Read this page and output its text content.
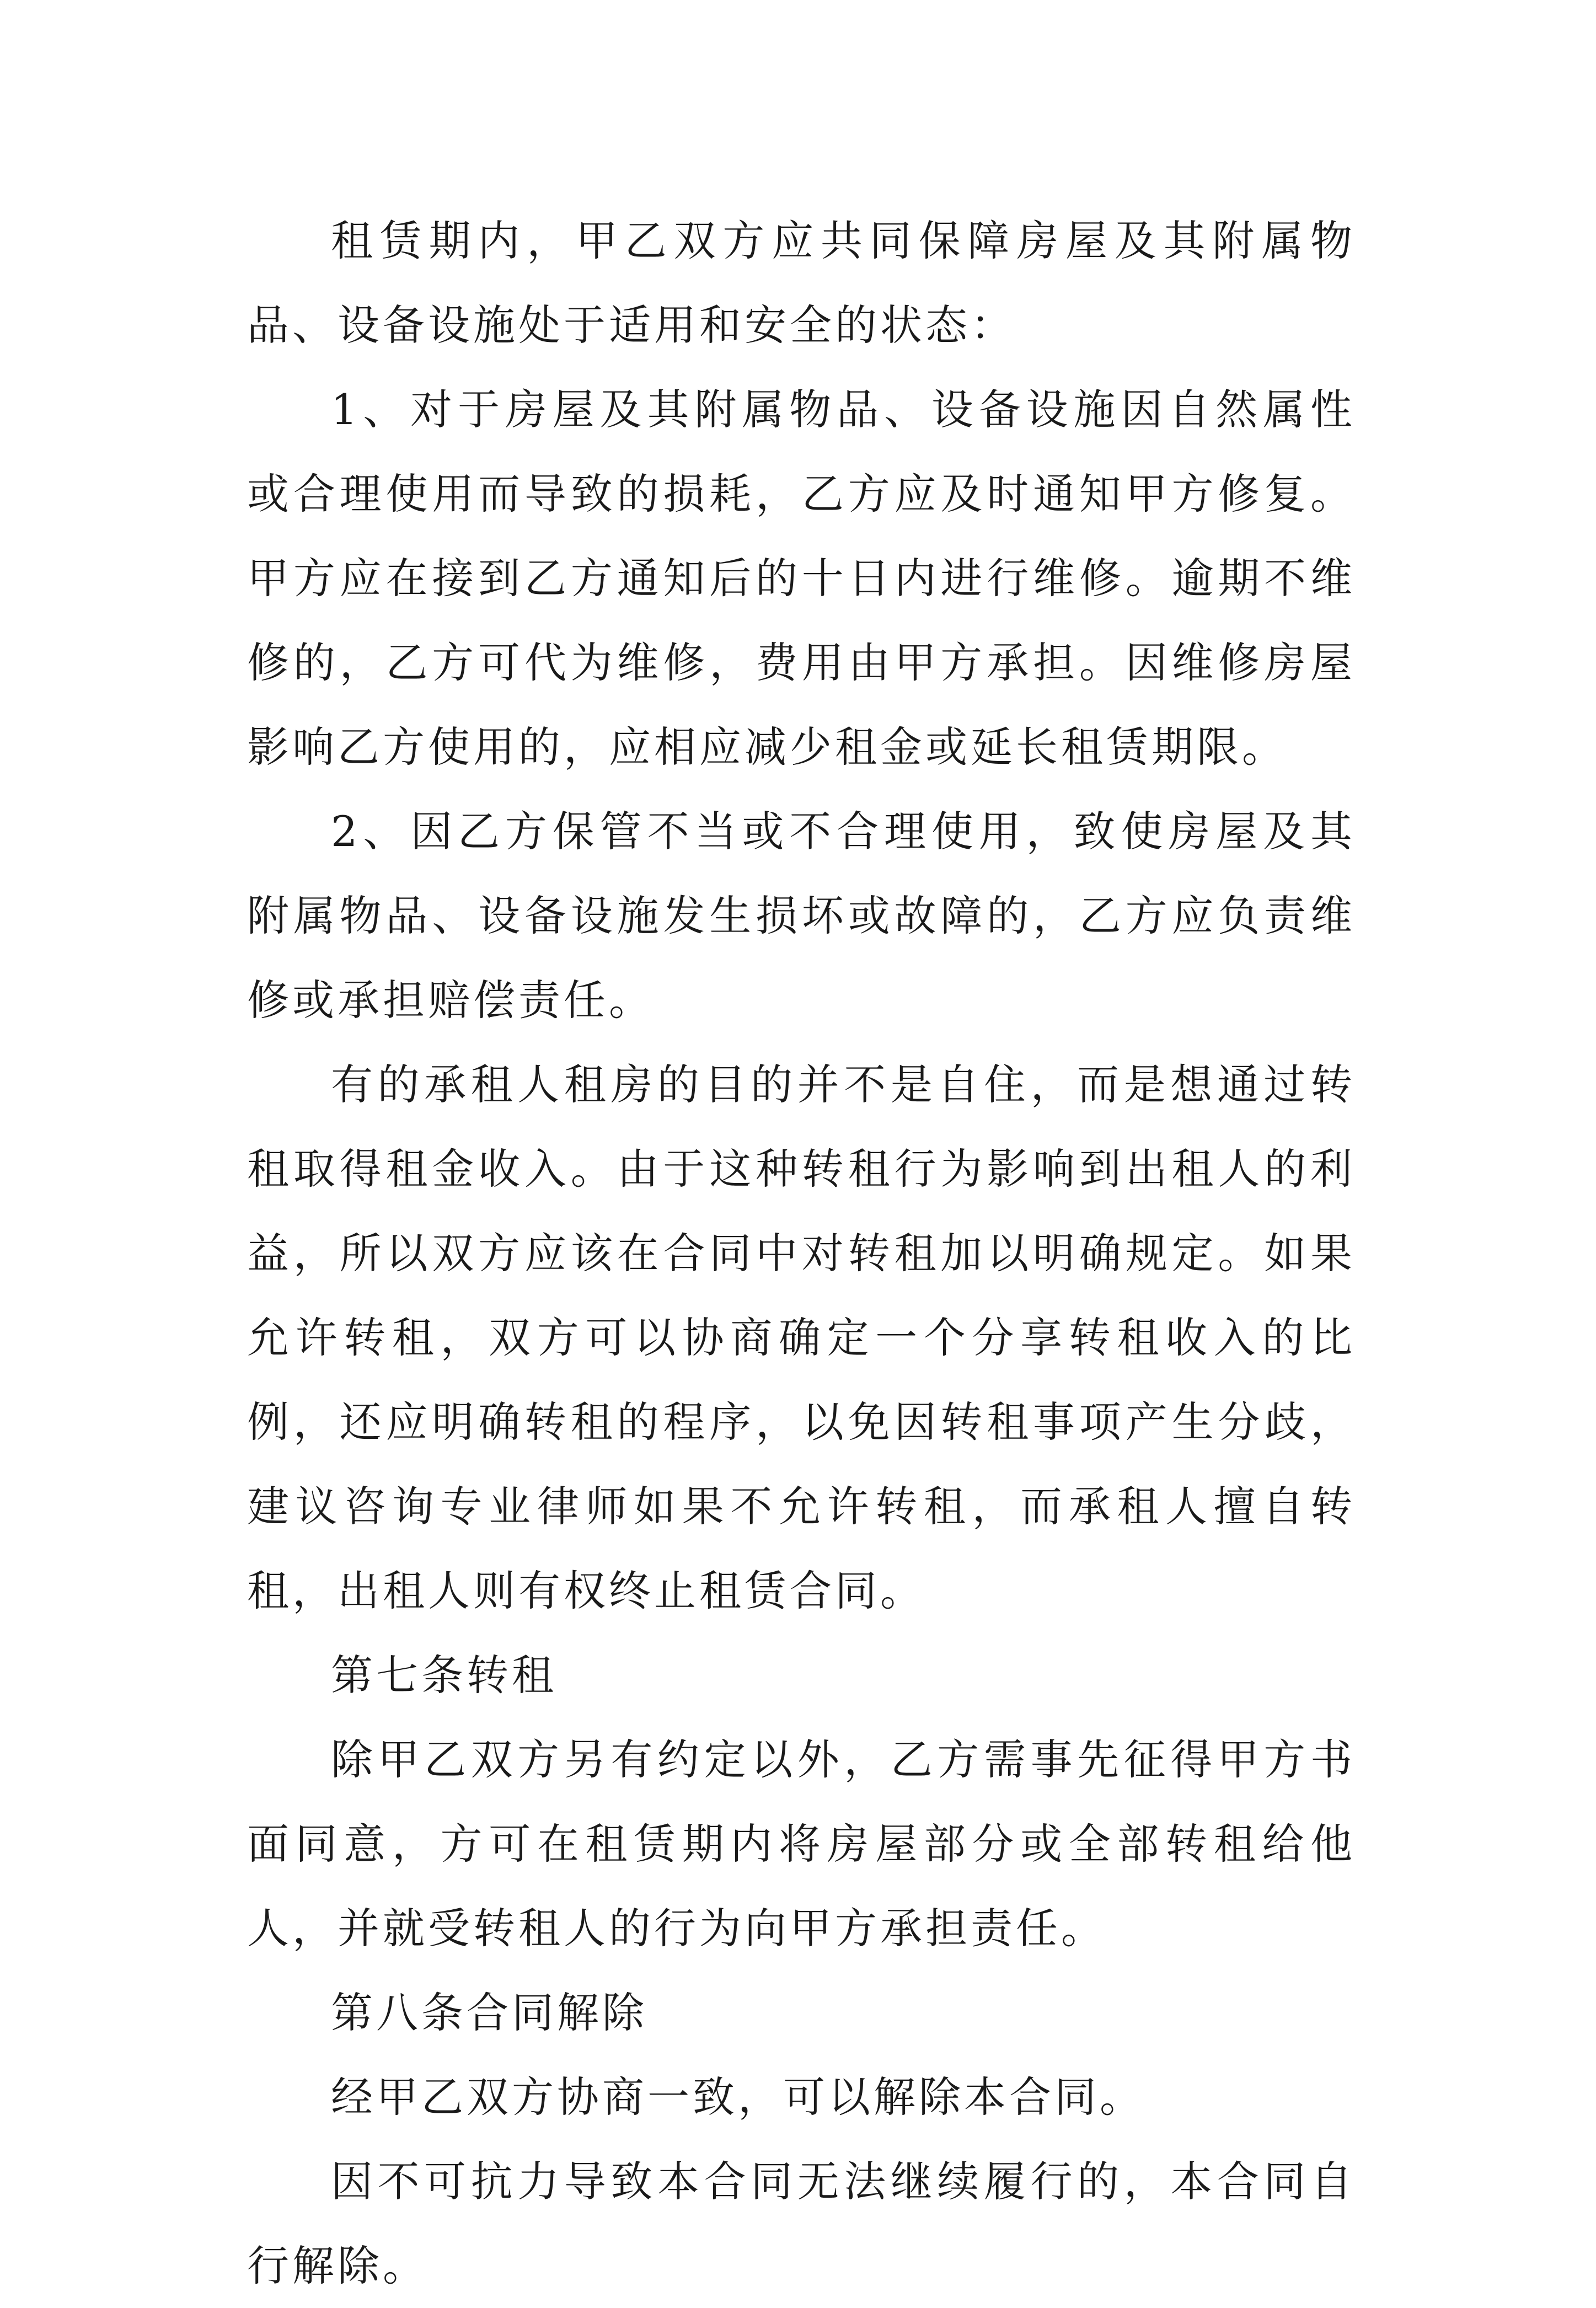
租赁期内，甲乙双方应共同保障房屋及其附属物品、设备设施处于适用和安全的状态：

1、对于房屋及其附属物品、设备设施因自然属性或合理使用而导致的损耗，乙方应及时通知甲方修复。甲方应在接到乙方通知后的十日内进行维修。逾期不维修的，乙方可代为维修，费用由甲方承担。因维修房屋影响乙方使用的，应相应减少租金或延长租赁期限。

2、因乙方保管不当或不合理使用，致使房屋及其附属物品、设备设施发生损坏或故障的，乙方应负责维修或承担赔偿责任。

有的承租人租房的目的并不是自住，而是想通过转租取得租金收入。由于这种转租行为影响到出租人的利益，所以双方应该在合同中对转租加以明确规定。如果允许转租，双方可以协商确定一个分享转租收入的比例，还应明确转租的程序，以免因转租事项产生分歧，建议咨询专业律师如果不允许转租，而承租人擅自转租，出租人则有权终止租赁合同。

第七条转租

除甲乙双方另有约定以外，乙方需事先征得甲方书面同意，方可在租赁期内将房屋部分或全部转租给他人，并就受转租人的行为向甲方承担责任。

第八条合同解除

经甲乙双方协商一致，可以解除本合同。

因不可抗力导致本合同无法继续履行的，本合同自行解除。
